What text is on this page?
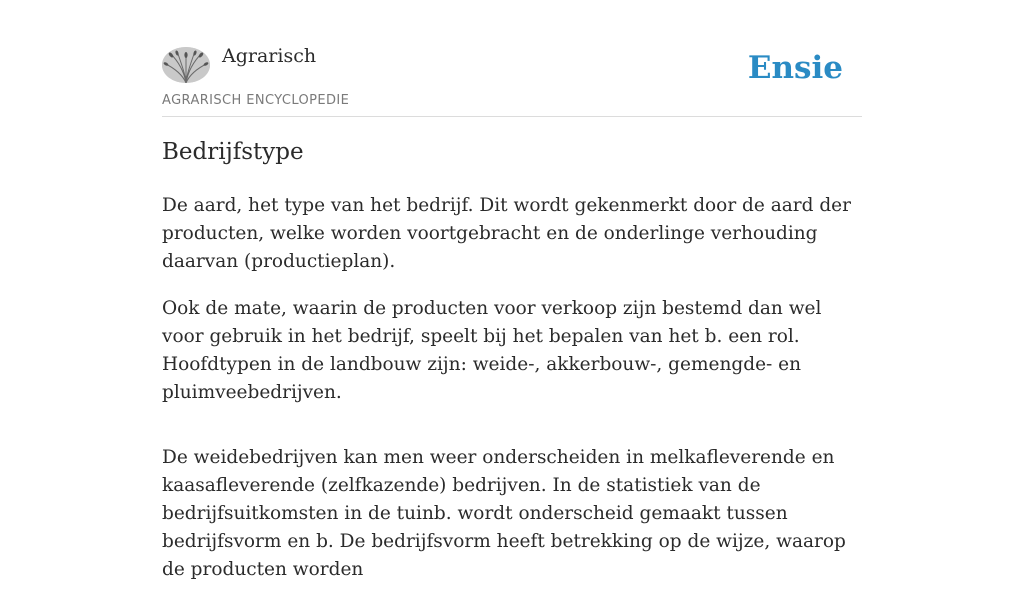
Agrarisch
AGRARISCH ENCYCLOPEDIE
Ensie
Bedrijfstype

De aard, het type van het bedrijf. Dit wordt gekenmerkt door de aard der producten, welke worden voortgebracht en de onderlinge verhouding daarvan (productieplan).

Ook de mate, waarin de producten voor verkoop zijn bestemd dan wel voor gebruik in het bedrijf, speelt bij het bepalen van het b. een rol. Hoofdtypen in de landbouw zijn: weide-, akkerbouw-, gemengde- en pluimveebedrijven.

De weidebedrijven kan men weer onderscheiden in melkafleverende en kaasafleverende (zelfkazende) bedrijven. In de statistiek van de bedrijfsuitkomsten in de tuinb. wordt onderscheid gemaakt tussen bedrijfsvorm en b. De bedrijfsvorm heeft betrekking op de wijze, waarop de producten worden
